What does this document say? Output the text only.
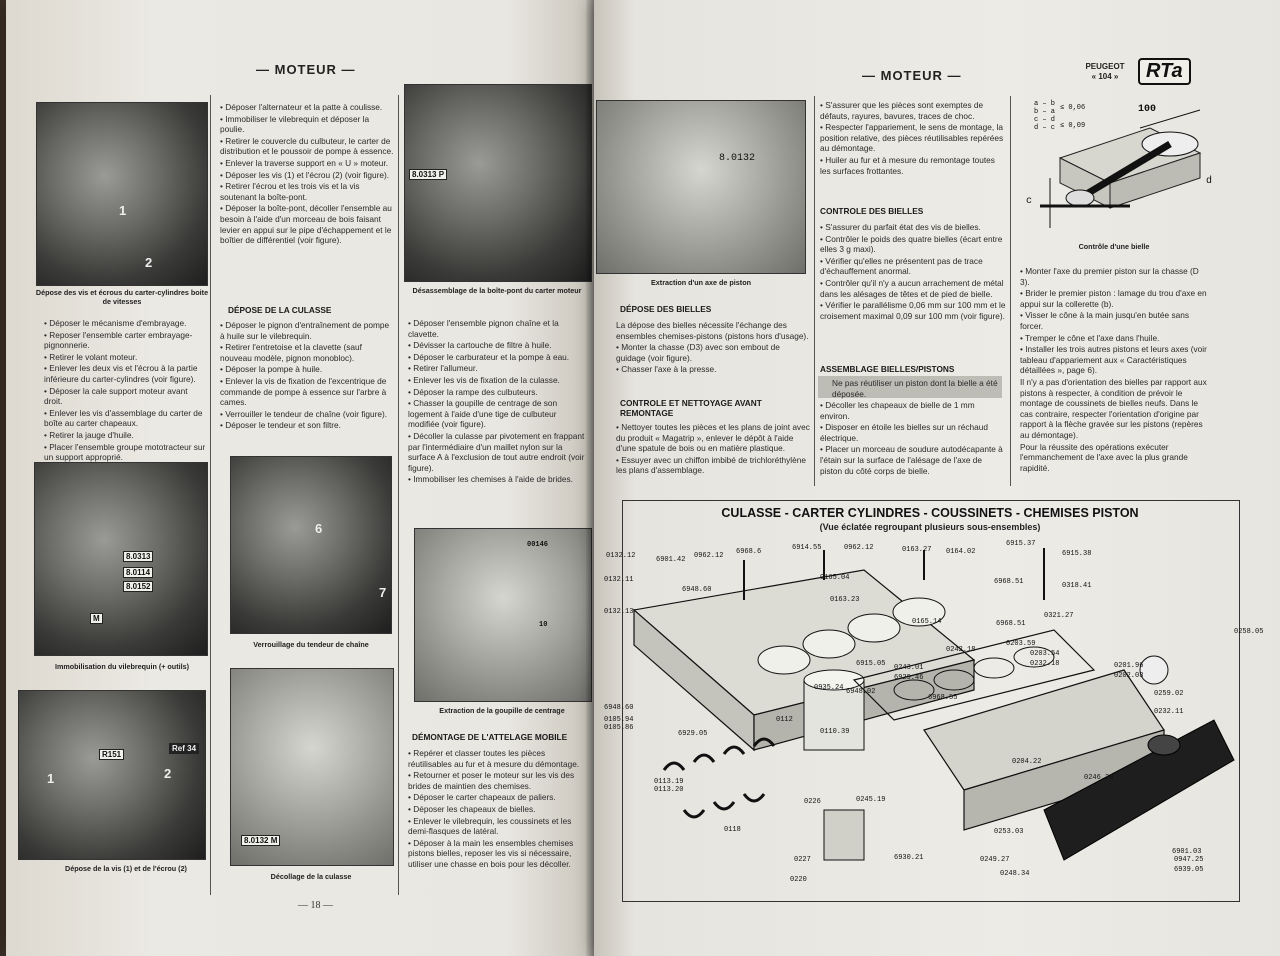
— MOTEUR —
1
2
Dépose des vis et écrous du carter-cylindres boite de vitesses

• Déposer le mécanisme d'embrayage.

• Reposer l'ensemble carter embrayage-pignonnerie.

• Retirer le volant moteur.

• Enlever les deux vis et l'écrou à la partie inférieure du carter-cylindres (voir figure).

• Déposer la cale support moteur avant droit.

• Enlever les vis d'assemblage du carter de boîte au carter chapeaux.

• Retirer la jauge d'huile.

• Placer l'ensemble groupe mototracteur sur un support approprié.

8.0313
8.0114
8.0152
M
Immobilisation du vilebrequin (+ outils)
1
R151
2
Ref 34
Dépose de la vis (1) et de l'écrou (2)

• Déposer l'alternateur et la patte à coulisse.

• Immobiliser le vilebrequin et déposer la poulie.

• Retirer le couvercle du culbuteur, le carter de distribution et le poussoir de pompe à essence.

• Enlever la traverse support en « U » moteur.

• Déposer les vis (1) et l'écrou (2) (voir figure).

• Retirer l'écrou et les trois vis et la vis soutenant la boîte-pont.

• Déposer la boîte-pont, décoller l'ensemble au besoin à l'aide d'un morceau de bois faisant levier en appui sur le pipe d'échappement et le boîtier de différentiel (voir figure).

DÉPOSE DE LA CULASSE

• Déposer le pignon d'entraînement de pompe à huile sur le vilebrequin.

• Retirer l'entretoise et la clavette (sauf nouveau modèle, pignon monobloc).

• Déposer la pompe à huile.

• Enlever la vis de fixation de l'excentrique de commande de pompe à essence sur l'arbre à cames.

• Verrouiller le tendeur de chaîne (voir figure).

• Déposer le tendeur et son filtre.

6
7
Verrouillage du tendeur de chaîne
8.0132 M
Décollage de la culasse
— 18 —
8.0313 P
Désassemblage de la boîte-pont du carter moteur

• Déposer l'ensemble pignon chaîne et la clavette.

• Dévisser la cartouche de filtre à huile.

• Déposer le carburateur et la pompe à eau.

• Retirer l'allumeur.

• Enlever les vis de fixation de la culasse.

• Déposer la rampe des culbuteurs.

• Chasser la goupille de centrage de son logement à l'aide d'une tige de culbuteur modifiée (voir figure).

• Décoller la culasse par pivotement en frappant par l'intermédiaire d'un maillet nylon sur la surface A à l'exclusion de tout autre endroit (voir figure).

• Immobiliser les chemises à l'aide de brides.

00146
10
Extraction de la goupille de centrage
DÉMONTAGE DE L'ATTELAGE MOBILE

• Repérer et classer toutes les pièces réutilisables au fur et à mesure du démontage.

• Retourner et poser le moteur sur les vis des brides de maintien des chemises.

• Déposer le carter chapeaux de paliers.

• Déposer les chapeaux de bielles.

• Enlever le vilebrequin, les coussinets et les demi-flasques de latéral.

• Déposer à la main les ensembles chemises pistons bielles, reposer les vis si nécessaire, utiliser une chasse en bois pour les décoller.

— MOTEUR —
PEUGEOT
« 104 »	RTa
8.0132
Extraction d'un axe de piston
DÉPOSE DES BIELLES

La dépose des bielles nécessite l'échange des ensembles chemises-pistons (pistons hors d'usage).

• Monter la chasse (D3) avec son embout de guidage (voir figure).

• Chasser l'axe à la presse.

CONTROLE ET NETTOYAGE AVANT REMONTAGE

• Nettoyer toutes les pièces et les plans de joint avec du produit « Magatrip », enlever le dépôt à l'aide d'une spatule de bois ou en matière plastique.

• Essuyer avec un chiffon imbibé de trichloréthylène les plans d'assemblage.

• S'assurer que les pièces sont exemptes de défauts, rayures, bavures, traces de choc.

• Respecter l'appariement, le sens de montage, la position relative, des pièces réutilisables repérées au démontage.

• Huiler au fur et à mesure du remontage toutes les surfaces frottantes.

CONTROLE DES BIELLES

• S'assurer du parfait état des vis de bielles.

• Contrôler le poids des quatre bielles (écart entre elles 3 g maxi).

• Vérifier qu'elles ne présentent pas de trace d'échauffement anormal.

• Contrôler qu'il n'y a aucun arrachement de métal dans les alésages de têtes et de pied de bielle.

• Vérifier le parallélisme 0,06 mm sur 100 mm et le croisement maximal 0,09 sur 100 mm (voir figure).

ASSEMBLAGE BIELLES/PISTONS
Ne pas réutiliser un piston dont la bielle a été déposée.

• Décoller les chapeaux de bielle de 1 mm environ.

• Disposer en étoile les bielles sur un réchaud électrique.

• Placer un morceau de soudure autodécapante à l'étain sur la surface de l'alésage de l'axe de piston du côté corps de bielle.

a – b
b – a
c – d
d – c
≤ 0,06
≤ 0,09
100
c
d
Contrôle d'une bielle

• Monter l'axe du premier piston sur la chasse (D 3).

• Brider le premier piston : lamage du trou d'axe en appui sur la collerette (b).

• Visser le cône à la main jusqu'en butée sans forcer.

• Tremper le cône et l'axe dans l'huile.

• Installer les trois autres pistons et leurs axes (voir tableau d'appariement aux « Caractéristiques détaillées », page 6).

Il n'y a pas d'orientation des bielles par rapport aux pistons à respecter, à condition de prévoir le montage de coussinets de bielles neufs. Dans le cas contraire, respecter l'orientation d'origine par rapport à la flèche gravée sur les pistons (repères au démontage).

Pour la réussite des opérations exécuter l'emmanchement de l'axe avec la plus grande rapidité.

CULASSE - CARTER CYLINDRES - COUSSINETS - CHEMISES PISTON
(Vue éclatée regroupant plusieurs sous-ensembles)
0132.12	6901.42 0962.12 6968.6	6914.55	0962.12	0163.27 0164.02
6915.37
6915.38
0132.11
6948.60
0165.04	6968.51	0318.41
0132.13
0163.23
0321.27
0165.14	6968.51
0242.18
0203.59
0203.54
0232.18
6915.05 0243.01
0935.24
6929.46
6948.02
6968.55
6948.60
0105.94
0105.86
6929.05
0112
0110.39
0113.19
0113.20
0118
0226
0227
0220
0245.19
0204.22
0246.20
0201.96
0202.03
0258.05
0259.02
0232.11
0253.03
0249.27
6930.21
0248.34
6901.03
0947.25
6939.05
